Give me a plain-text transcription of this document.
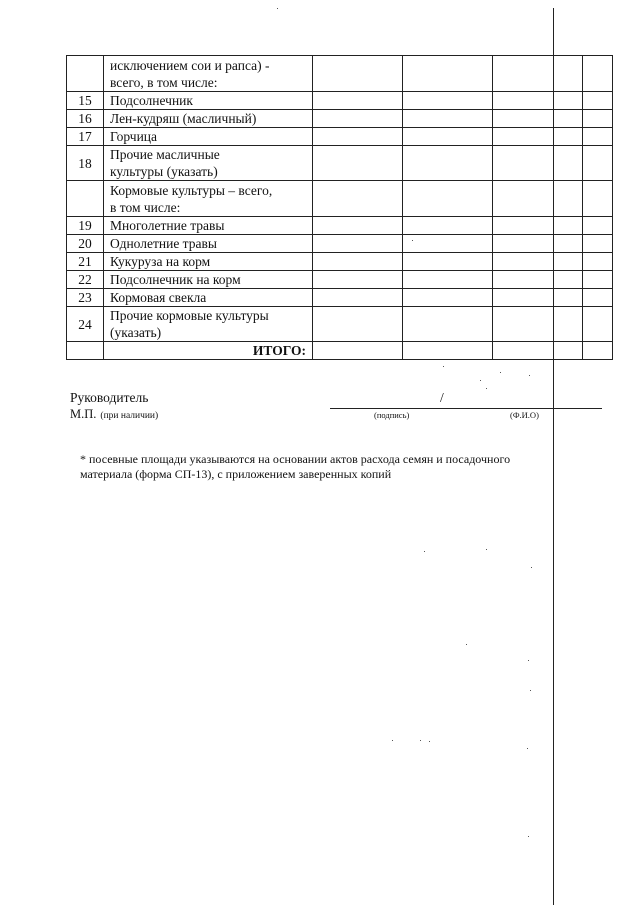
	исключением сои и рапса) -
всего, в том числе:				
15	Подсолнечник				
16	Лен-кудряш (масличный)				
17	Горчица				
18	Прочие масличные
культуры (указать)				
	Кормовые культуры – всего,
в том числе:				
19	Многолетние травы				
20	Однолетние травы				
21	Кукуруза на корм				
22	Подсолнечник на корм				
23	Кормовая свекла				
24	Прочие кормовые культуры
(указать)				
	ИТОГО:				
Руководитель
М.П. (при наличии)
/
(подпись)	(Ф.И.О)
* посевные площади указываются на основании актов расхода семян и посадочного материала (форма СП-13), с приложением заверенных копий
